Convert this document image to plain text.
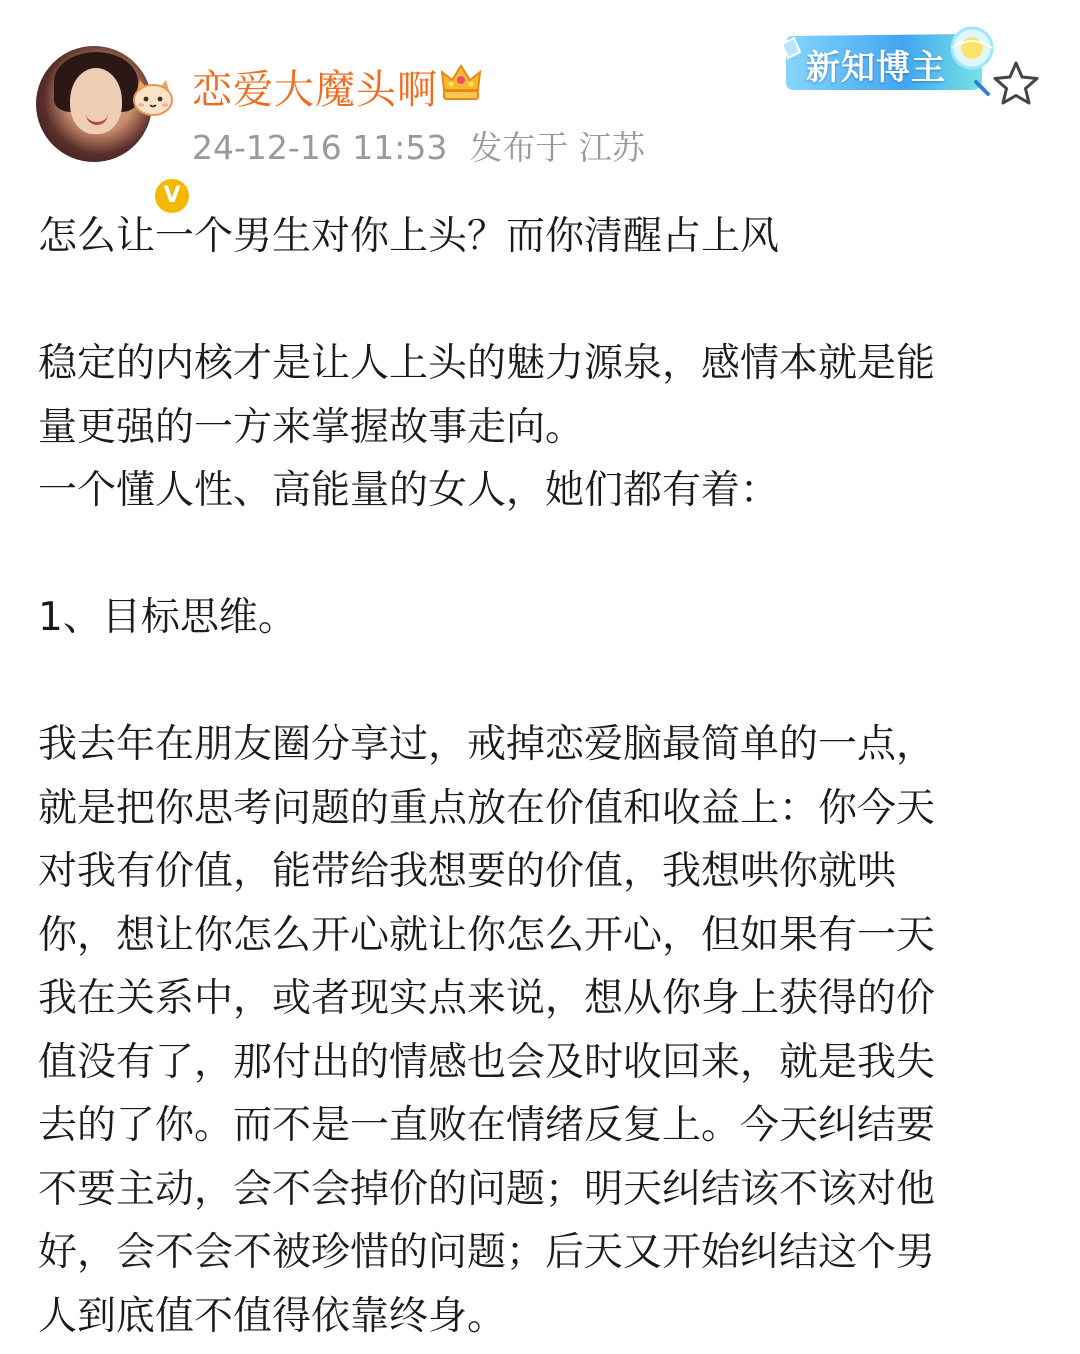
V
恋爱大魔头啊
24-12-16 11:53 发布于 江苏
新知博主
怎么让一个男生对你上头？而你清醒占上风
稳定的内核才是让人上头的魅力源泉，感情本就是能
量更强的一方来掌握故事走向。
一个懂人性、高能量的女人，她们都有着：
1、目标思维。
我去年在朋友圈分享过，戒掉恋爱脑最简单的一点，
就是把你思考问题的重点放在价值和收益上：你今天
对我有价值，能带给我想要的价值，我想哄你就哄
你，想让你怎么开心就让你怎么开心，但如果有一天
我在关系中，或者现实点来说，想从你身上获得的价
值没有了，那付出的情感也会及时收回来，就是我失
去的了你。而不是一直败在情绪反复上。今天纠结要
不要主动，会不会掉价的问题；明天纠结该不该对他
好，会不会不被珍惜的问题；后天又开始纠结这个男
人到底值不值得依靠终身。
